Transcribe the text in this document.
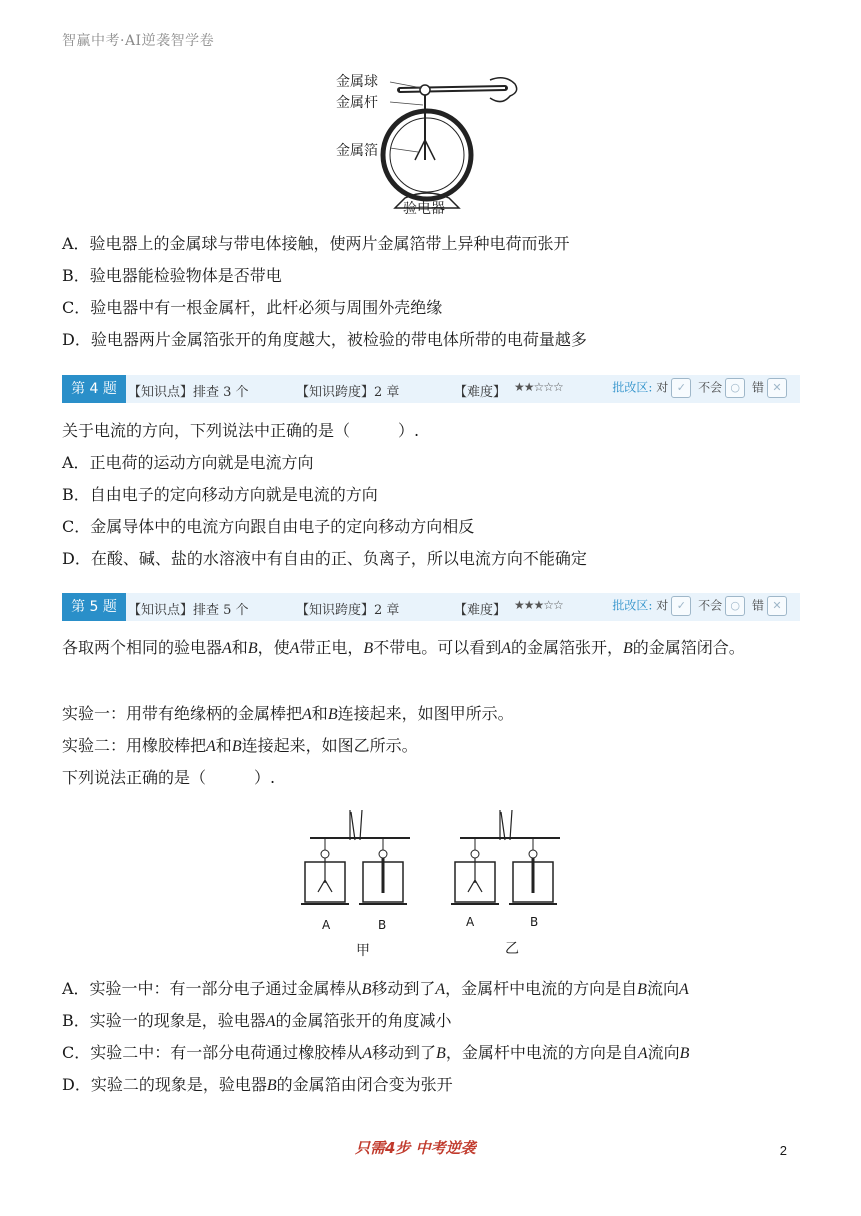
智赢中考·AI逆袭智学卷
金属球
金属杆
金属箔
验电器
A．验电器上的金属球与带电体接触，使两片金属箔带上异种电荷而张开
B．验电器能检验物体是否带电
C．验电器中有一根金属杆，此杆必须与周围外壳绝缘
D．验电器两片金属箔张开的角度越大，被检验的带电体所带的电荷量越多
第 4 题 【知识点】排查 3 个	【知识跨度】2 章	【难度】 ★★☆☆☆	批改区: 对 ✓ 不会 ○ 错 ✕
关于电流的方向，下列说法中正确的是（　　　）.
A．正电荷的运动方向就是电流方向
B．自由电子的定向移动方向就是电流的方向
C．金属导体中的电流方向跟自由电子的定向移动方向相反
D．在酸、碱、盐的水溶液中有自由的正、负离子，所以电流方向不能确定
第 5 题 【知识点】排查 5 个	【知识跨度】2 章	【难度】 ★★★☆☆	批改区: 对 ✓ 不会 ○ 错 ✕
各取两个相同的验电器A和B，使A带正电，B不带电。可以看到A的金属箔张开，B的金属箔闭合。
实验一：用带有绝缘柄的金属棒把A和B连接起来，如图甲所示。
实验二：用橡胶棒把A和B连接起来，如图乙所示。
下列说法正确的是（　　　）.
A	B	A	B
甲	乙
A．实验一中：有一部分电子通过金属棒从B移动到了A，金属杆中电流的方向是自B流向A
B．实验一的现象是，验电器A的金属箔张开的角度减小
C．实验二中：有一部分电荷通过橡胶棒从A移动到了B，金属杆中电流的方向是自A流向B
D．实验二的现象是，验电器B的金属箔由闭合变为张开
只需4步 中考逆袭	2
